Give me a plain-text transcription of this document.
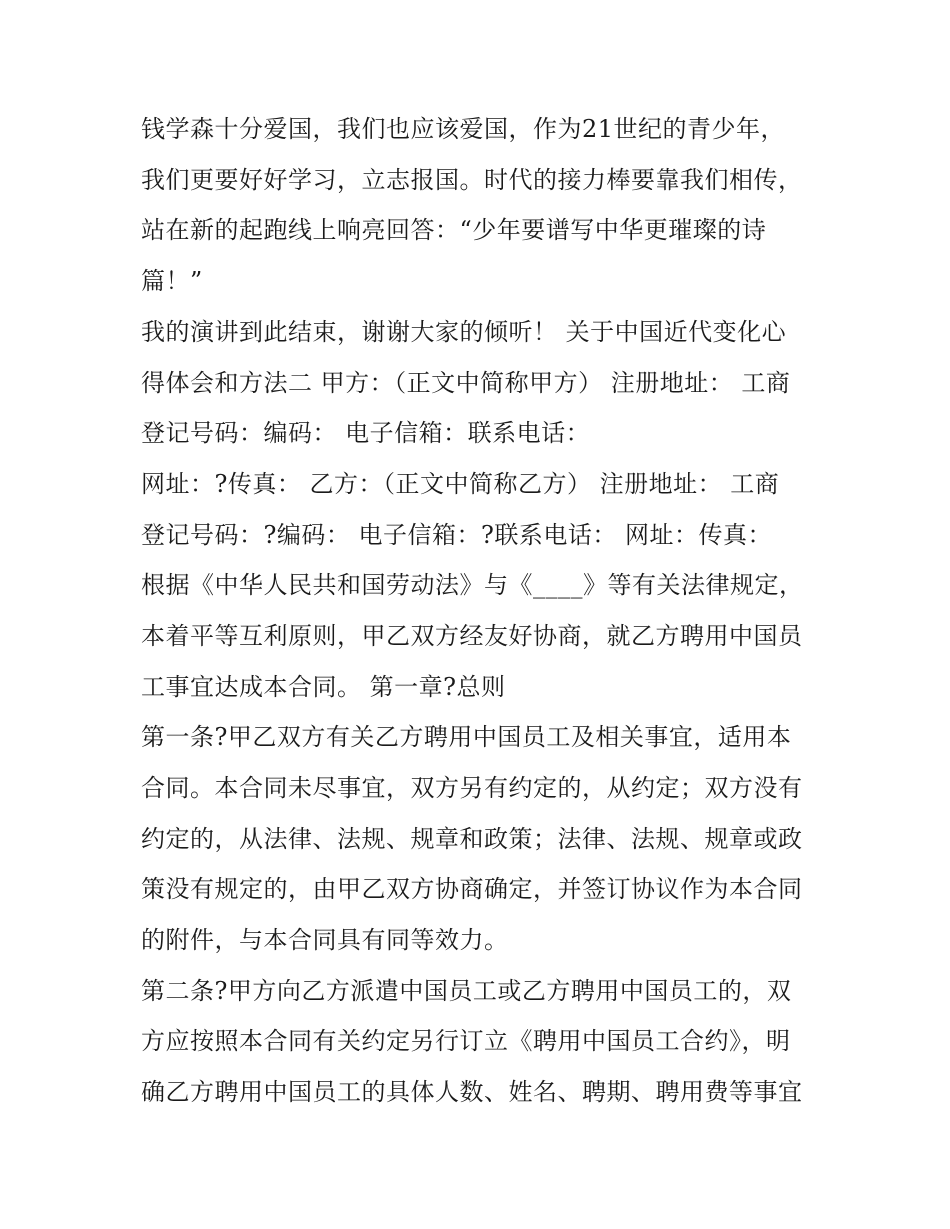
钱学森十分爱国，我们也应该爱国，作为21世纪的青少年，
我们更要好好学习，立志报国。时代的接力棒要靠我们相传，
站在新的起跑线上响亮回答：“少年要谱写中华更璀璨的诗
篇！”
我的演讲到此结束，谢谢大家的倾听！ 关于中国近代变化心
得体会和方法二 甲方：（正文中简称甲方） 注册地址： 工商
登记号码：编码： 电子信箱：联系电话：
网址：?传真： 乙方：（正文中简称乙方） 注册地址： 工商
登记号码：?编码： 电子信箱：?联系电话： 网址：传真：
根据《中华人民共和国劳动法》与《____》等有关法律规定，
本着平等互利原则，甲乙双方经友好协商，就乙方聘用中国员
工事宜达成本合同。 第一章?总则
第一条?甲乙双方有关乙方聘用中国员工及相关事宜，适用本
合同。本合同未尽事宜，双方另有约定的，从约定；双方没有
约定的，从法律、法规、规章和政策；法律、法规、规章或政
策没有规定的，由甲乙双方协商确定，并签订协议作为本合同
的附件，与本合同具有同等效力。
第二条?甲方向乙方派遣中国员工或乙方聘用中国员工的，双
方应按照本合同有关约定另行订立《聘用中国员工合约》，明
确乙方聘用中国员工的具体人数、姓名、聘期、聘用费等事宜
